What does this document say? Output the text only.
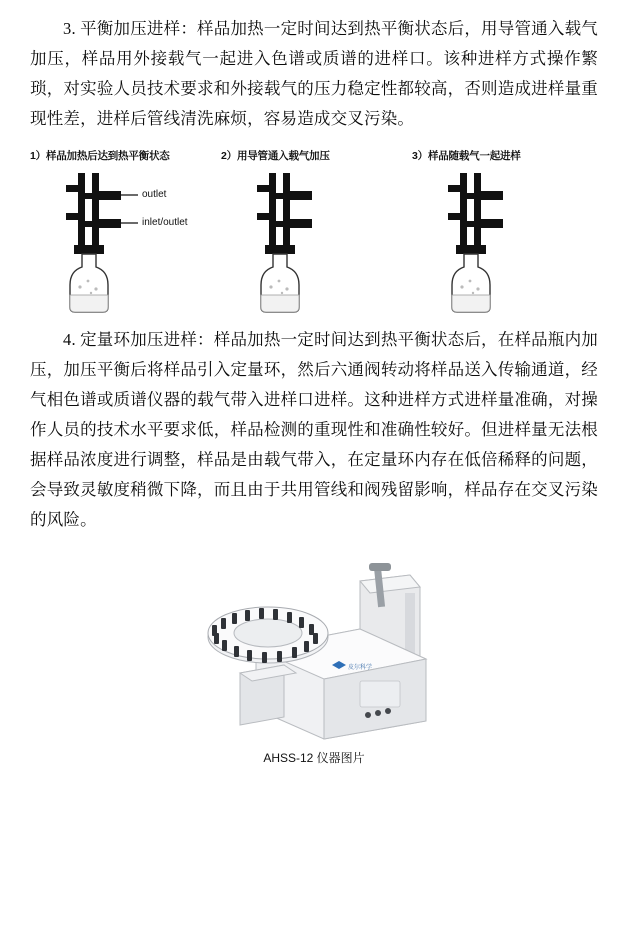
3. 平衡加压进样：样品加热一定时间达到热平衡状态后，用导管通入载气加压，样品用外接载气一起进入色谱或质谱的进样口。该种进样方式操作繁琐，对实验人员技术要求和外接载气的压力稳定性都较高，否则造成进样量重现性差，进样后管线清洗麻烦，容易造成交叉污染。

1）样品加热后达到热平衡状态
outlet
inlet/outlet
2）用导管通入载气加压	3）样品随载气一起进样

4. 定量环加压进样：样品加热一定时间达到热平衡状态后，在样品瓶内加压，加压平衡后将样品引入定量环，然后六通阀转动将样品送入传输通道，经气相色谱或质谱仪器的载气带入进样口进样。这种进样方式进样量准确，对操作人员的技术水平要求低，样品检测的重现性和准确性较好。但进样量无法根据样品浓度进行调整，样品是由载气带入，在定量环内存在低倍稀释的问题，会导致灵敏度稍微下降，而且由于共用管线和阀残留影响，样品存在交叉污染的风险。

皮尔科学
AHSS-12 仪器图片
